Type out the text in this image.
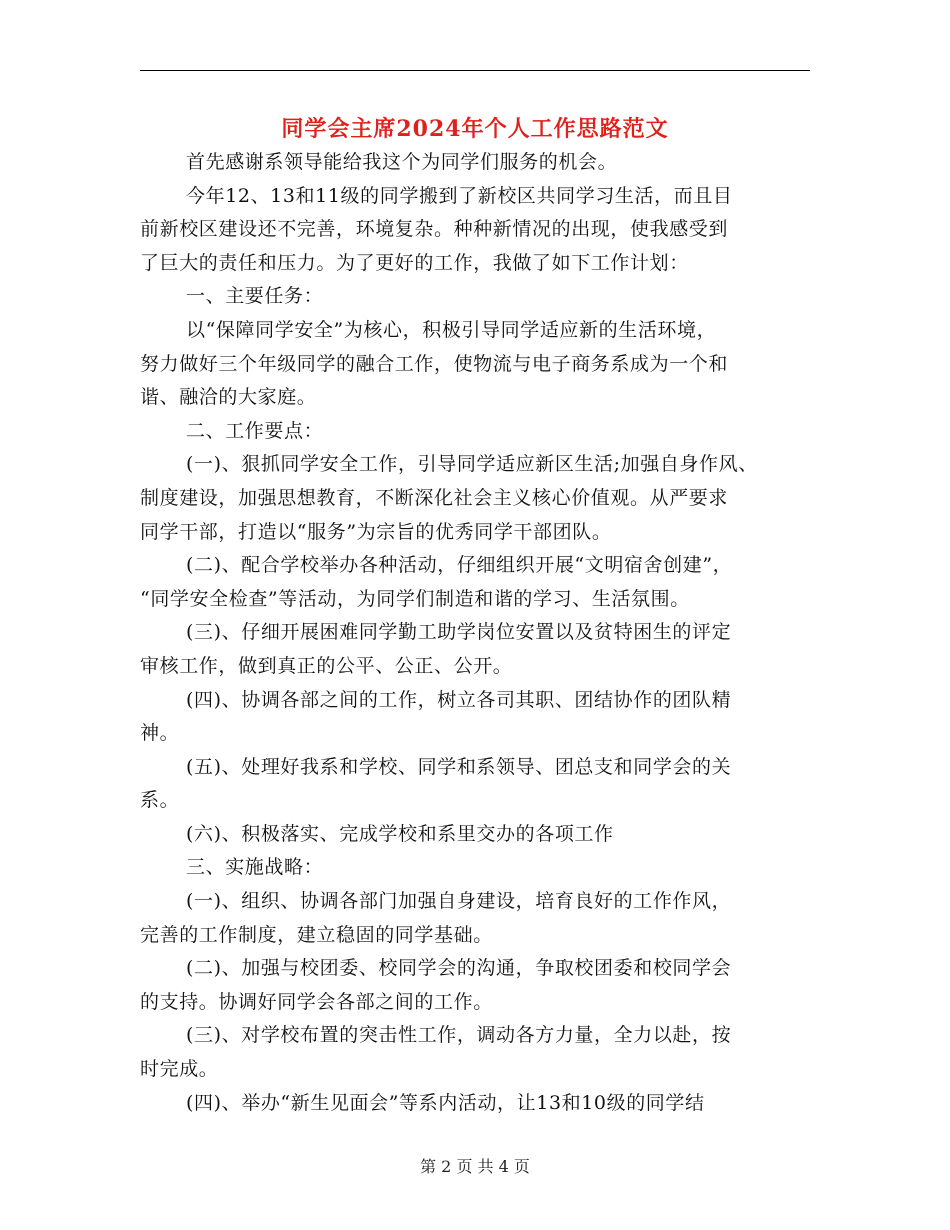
同学会主席2024年个人工作思路范文
首先感谢系领导能给我这个为同学们服务的机会。
今年12、13和11级的同学搬到了新校区共同学习生活，而且目
前新校区建设还不完善，环境复杂。种种新情况的出现，使我感受到
了巨大的责任和压力。为了更好的工作，我做了如下工作计划：
一、主要任务：
以“保障同学安全”为核心，积极引导同学适应新的生活环境，
努力做好三个年级同学的融合工作，使物流与电子商务系成为一个和
谐、融洽的大家庭。
二、工作要点：
(一)、狠抓同学安全工作，引导同学适应新区生活;加强自身作风、
制度建设，加强思想教育，不断深化社会主义核心价值观。从严要求
同学干部，打造以“服务”为宗旨的优秀同学干部团队。
(二)、配合学校举办各种活动，仔细组织开展“文明宿舍创建”，
“同学安全检查”等活动，为同学们制造和谐的学习、生活氛围。
(三)、仔细开展困难同学勤工助学岗位安置以及贫特困生的评定
审核工作，做到真正的公平、公正、公开。
(四)、协调各部之间的工作，树立各司其职、团结协作的团队精
神。
(五)、处理好我系和学校、同学和系领导、团总支和同学会的关
系。
(六)、积极落实、完成学校和系里交办的各项工作
三、实施战略：
(一)、组织、协调各部门加强自身建设，培育良好的工作作风，
完善的工作制度，建立稳固的同学基础。
(二)、加强与校团委、校同学会的沟通，争取校团委和校同学会
的支持。协调好同学会各部之间的工作。
(三)、对学校布置的突击性工作，调动各方力量，全力以赴，按
时完成。
(四)、举办“新生见面会”等系内活动，让13和10级的同学结
第 2 页 共 4 页
